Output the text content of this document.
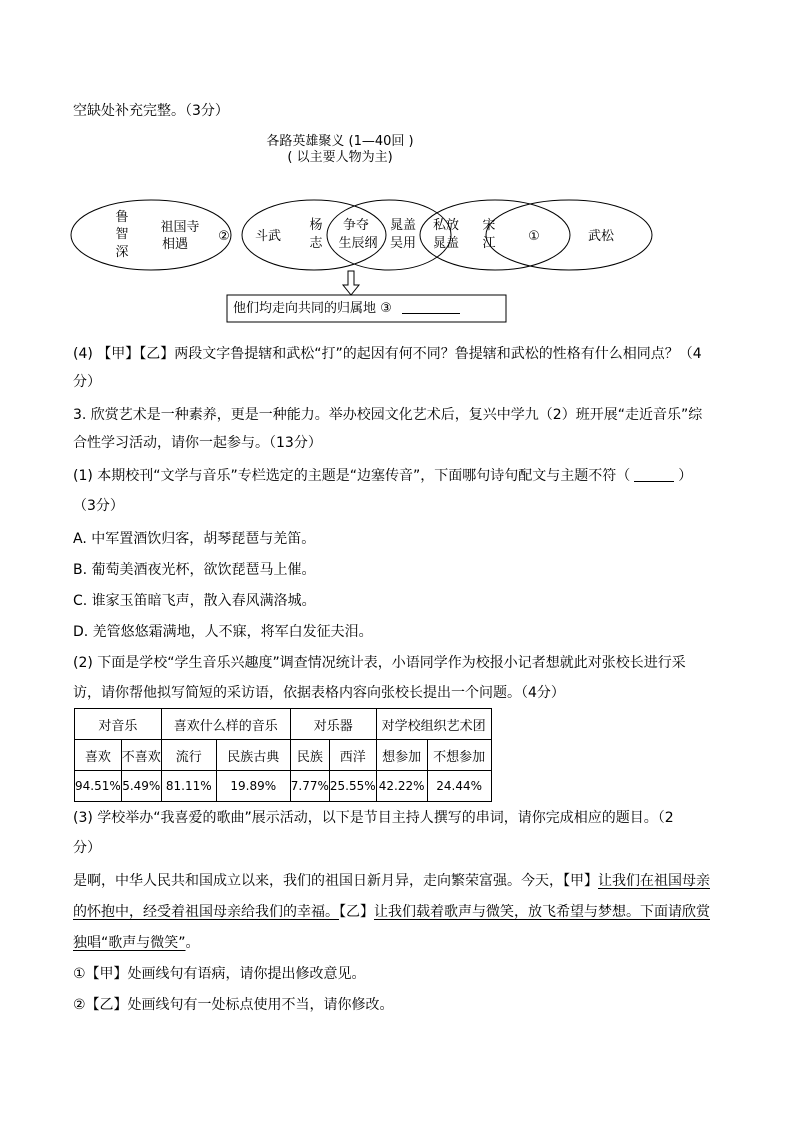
空缺处补充完整。（3分）
各路英雄聚义 (1—40回 )
( 以主要人物为主)
鲁
智
深
祖国寺
相遇
② 斗武
杨
志
争夺
生辰纲
晁盖
吴用
私放
晁盖
宋
江	①	武松
他们均走向共同的归属地 ③
(4) 【甲】【乙】两段文字鲁提辖和武松“打”的起因有何不同？鲁提辖和武松的性格有什么相同点？（4
分）
3. 欣赏艺术是一种素养，更是一种能力。举办校园文化艺术后，复兴中学九（2）班开展“走近音乐”综
合性学习活动，请你一起参与。（13分）
(1) 本期校刊“文学与音乐”专栏选定的主题是“边塞传音”，下面哪句诗句配文与主题不符（	）
（3分）
A. 中军置酒饮归客，胡琴琵琶与羌笛。
B. 葡萄美酒夜光杯，欲饮琵琶马上催。
C. 谁家玉笛暗飞声，散入春风满洛城。
D. 羌管悠悠霜满地，人不寐，将军白发征夫泪。
(2) 下面是学校“学生音乐兴趣度”调查情况统计表，小语同学作为校报小记者想就此对张校长进行采
访，请你帮他拟写简短的采访语，依据表格内容向张校长提出一个问题。（4分）
对音乐		喜欢什么样的音乐		对乐器		对学校组织艺术团	
喜欢	不喜欢	流行	民族古典	民族	西洋	想参加	不想参加
94.51%	5.49%	81.11%	19.89%	7.77%	25.55%	42.22%	24.44%
(3) 学校举办“我喜爱的歌曲”展示活动，以下是节目主持人撰写的串词，请你完成相应的题目。（2
分）
是啊，中华人民共和国成立以来，我们的祖国日新月异，走向繁荣富强。今天，【甲】让我们在祖国母亲
的怀抱中，经受着祖国母亲给我们的幸福。【乙】让我们载着歌声与微笑，放飞希望与梦想。下面请欣赏
独唱“歌声与微笑”。
①【甲】处画线句有语病，请你提出修改意见。
②【乙】处画线句有一处标点使用不当，请你修改。
